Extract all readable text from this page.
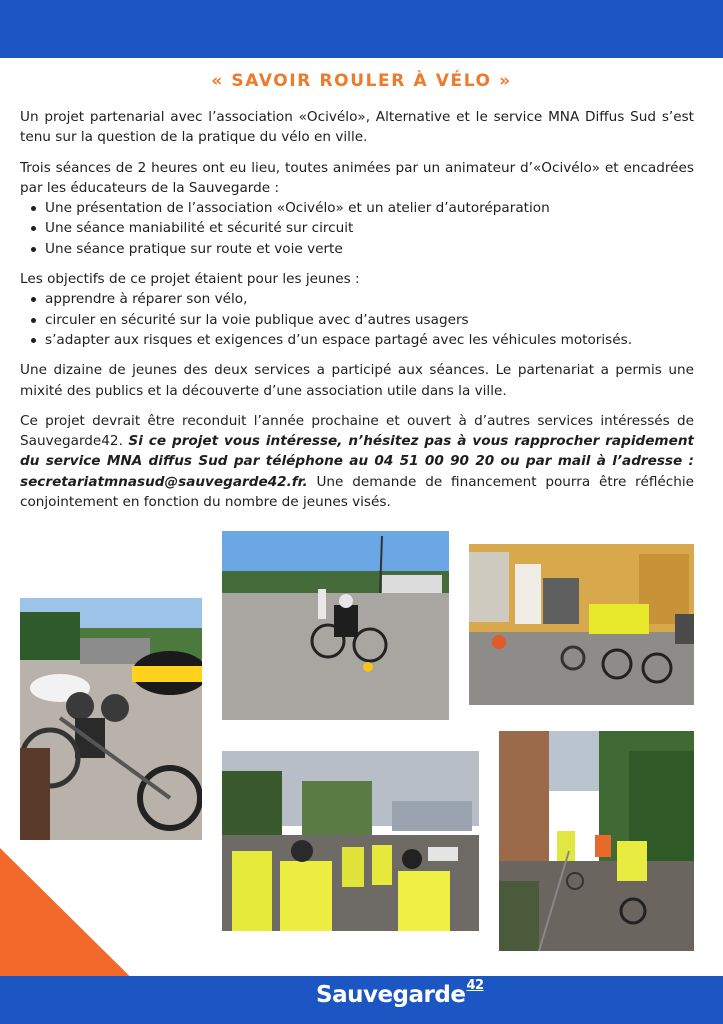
« SAVOIR ROULER À VÉLO »

Un projet partenarial avec l’association «Ocivélo», Alternative et le service MNA Diffus Sud s’est tenu sur la question de la pratique du vélo en ville.

Trois séances de 2 heures ont eu lieu, toutes animées par un animateur d’«Ocivélo» et encadrées par les éducateurs de la Sauvegarde :

Une présentation de l’association «Ocivélo» et un atelier d’autoréparation
Une séance maniabilité et sécurité sur circuit
Une séance pratique sur route et voie verte

Les objectifs de ce projet étaient pour les jeunes :

apprendre à réparer son vélo,
circuler en sécurité sur la voie publique avec d’autres usagers
s’adapter aux risques et exigences d’un espace partagé avec les véhicules motorisés.

Une dizaine de jeunes des deux services a participé aux séances. Le partenariat a permis une mixité des publics et la découverte d’une association utile dans la ville.

Ce projet devrait être reconduit l’année prochaine et ouvert à d’autres services intéressés de Sauvegarde42. Si ce projet vous intéresse, n’hésitez pas à vous rapprocher rapidement du service MNA diffus Sud par téléphone au 04 51 00 90 20 ou par mail à l’adresse : secretariatmnasud@sauvegarde42.fr. Une demande de financement pourra être réfléchie conjointement en fonction du nombre de jeunes visés.

Sauvegarde$^{42}$
